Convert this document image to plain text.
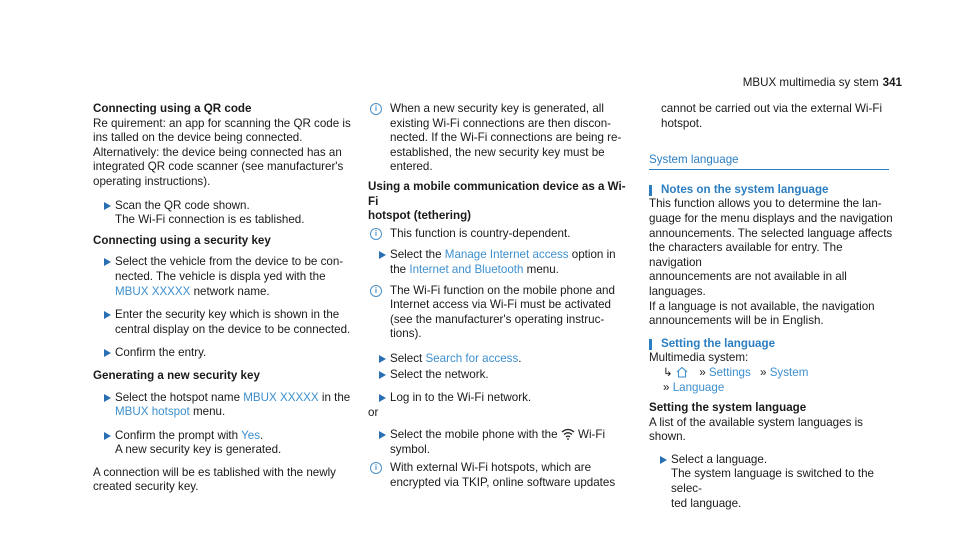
MBUX multimedia sy stem 341
Connecting using a QR code

Re quirement: an app for scanning the QR code is

ins talled on the device being connected.

Alternatively: the device being connected has an

integrated QR code scanner (see manufacturer's

operating instructions).

Scan the QR code shown.
The Wi-Fi connection is es tablished.
Connecting using a security key
Select the vehicle from the device to be con‐
nected. The vehicle is displa yed with the
MBUX XXXXX network name.
Enter the security key which is shown in the
central display on the device to be connected.
Confirm the entry.
Generating a new security key
Select the hotspot name MBUX XXXXX in the
MBUX hotspot menu.
Confirm the prompt with Yes.
A new security key is generated.
A connection will be es tablished with the newly
created security key.
i	When a new security key is generated, all
existing Wi-Fi connections are then discon‐
nected. If the Wi-Fi connections are being re‐
established, the new security key must be
entered.
Using a mobile communication device as a Wi-Fi
hotspot (tethering)
i	This function is country-dependent.
Select the Manage Internet access option in
the Internet and Bluetooth menu.
i	The Wi-Fi function on the mobile phone and
Internet access via Wi-Fi must be activated
(see the manufacturer's operating instruc‐
tions).
Select Search for access.
Select the network.
Log in to the Wi-Fi network.
or
Select the mobile phone with the  Wi-Fi
symbol.
i	With external Wi-Fi hotspots, which are
encrypted via TKIP, online software updates
cannot be carried out via the external Wi-Fi
hotspot.
System language
Notes on the system language
This function allows you to determine the lan‐
guage for the menu displays and the navigation
announcements. The selected language affects
the characters available for entry. The navigation
announcements are not available in all languages.
If a language is not available, the navigation
announcements will be in English.
Setting the language
Multimedia system:
↳ » Settings » System
» Language
Setting the system language
A list of the available system languages is shown.
Select a language.
The system language is switched to the selec‐
ted language.
